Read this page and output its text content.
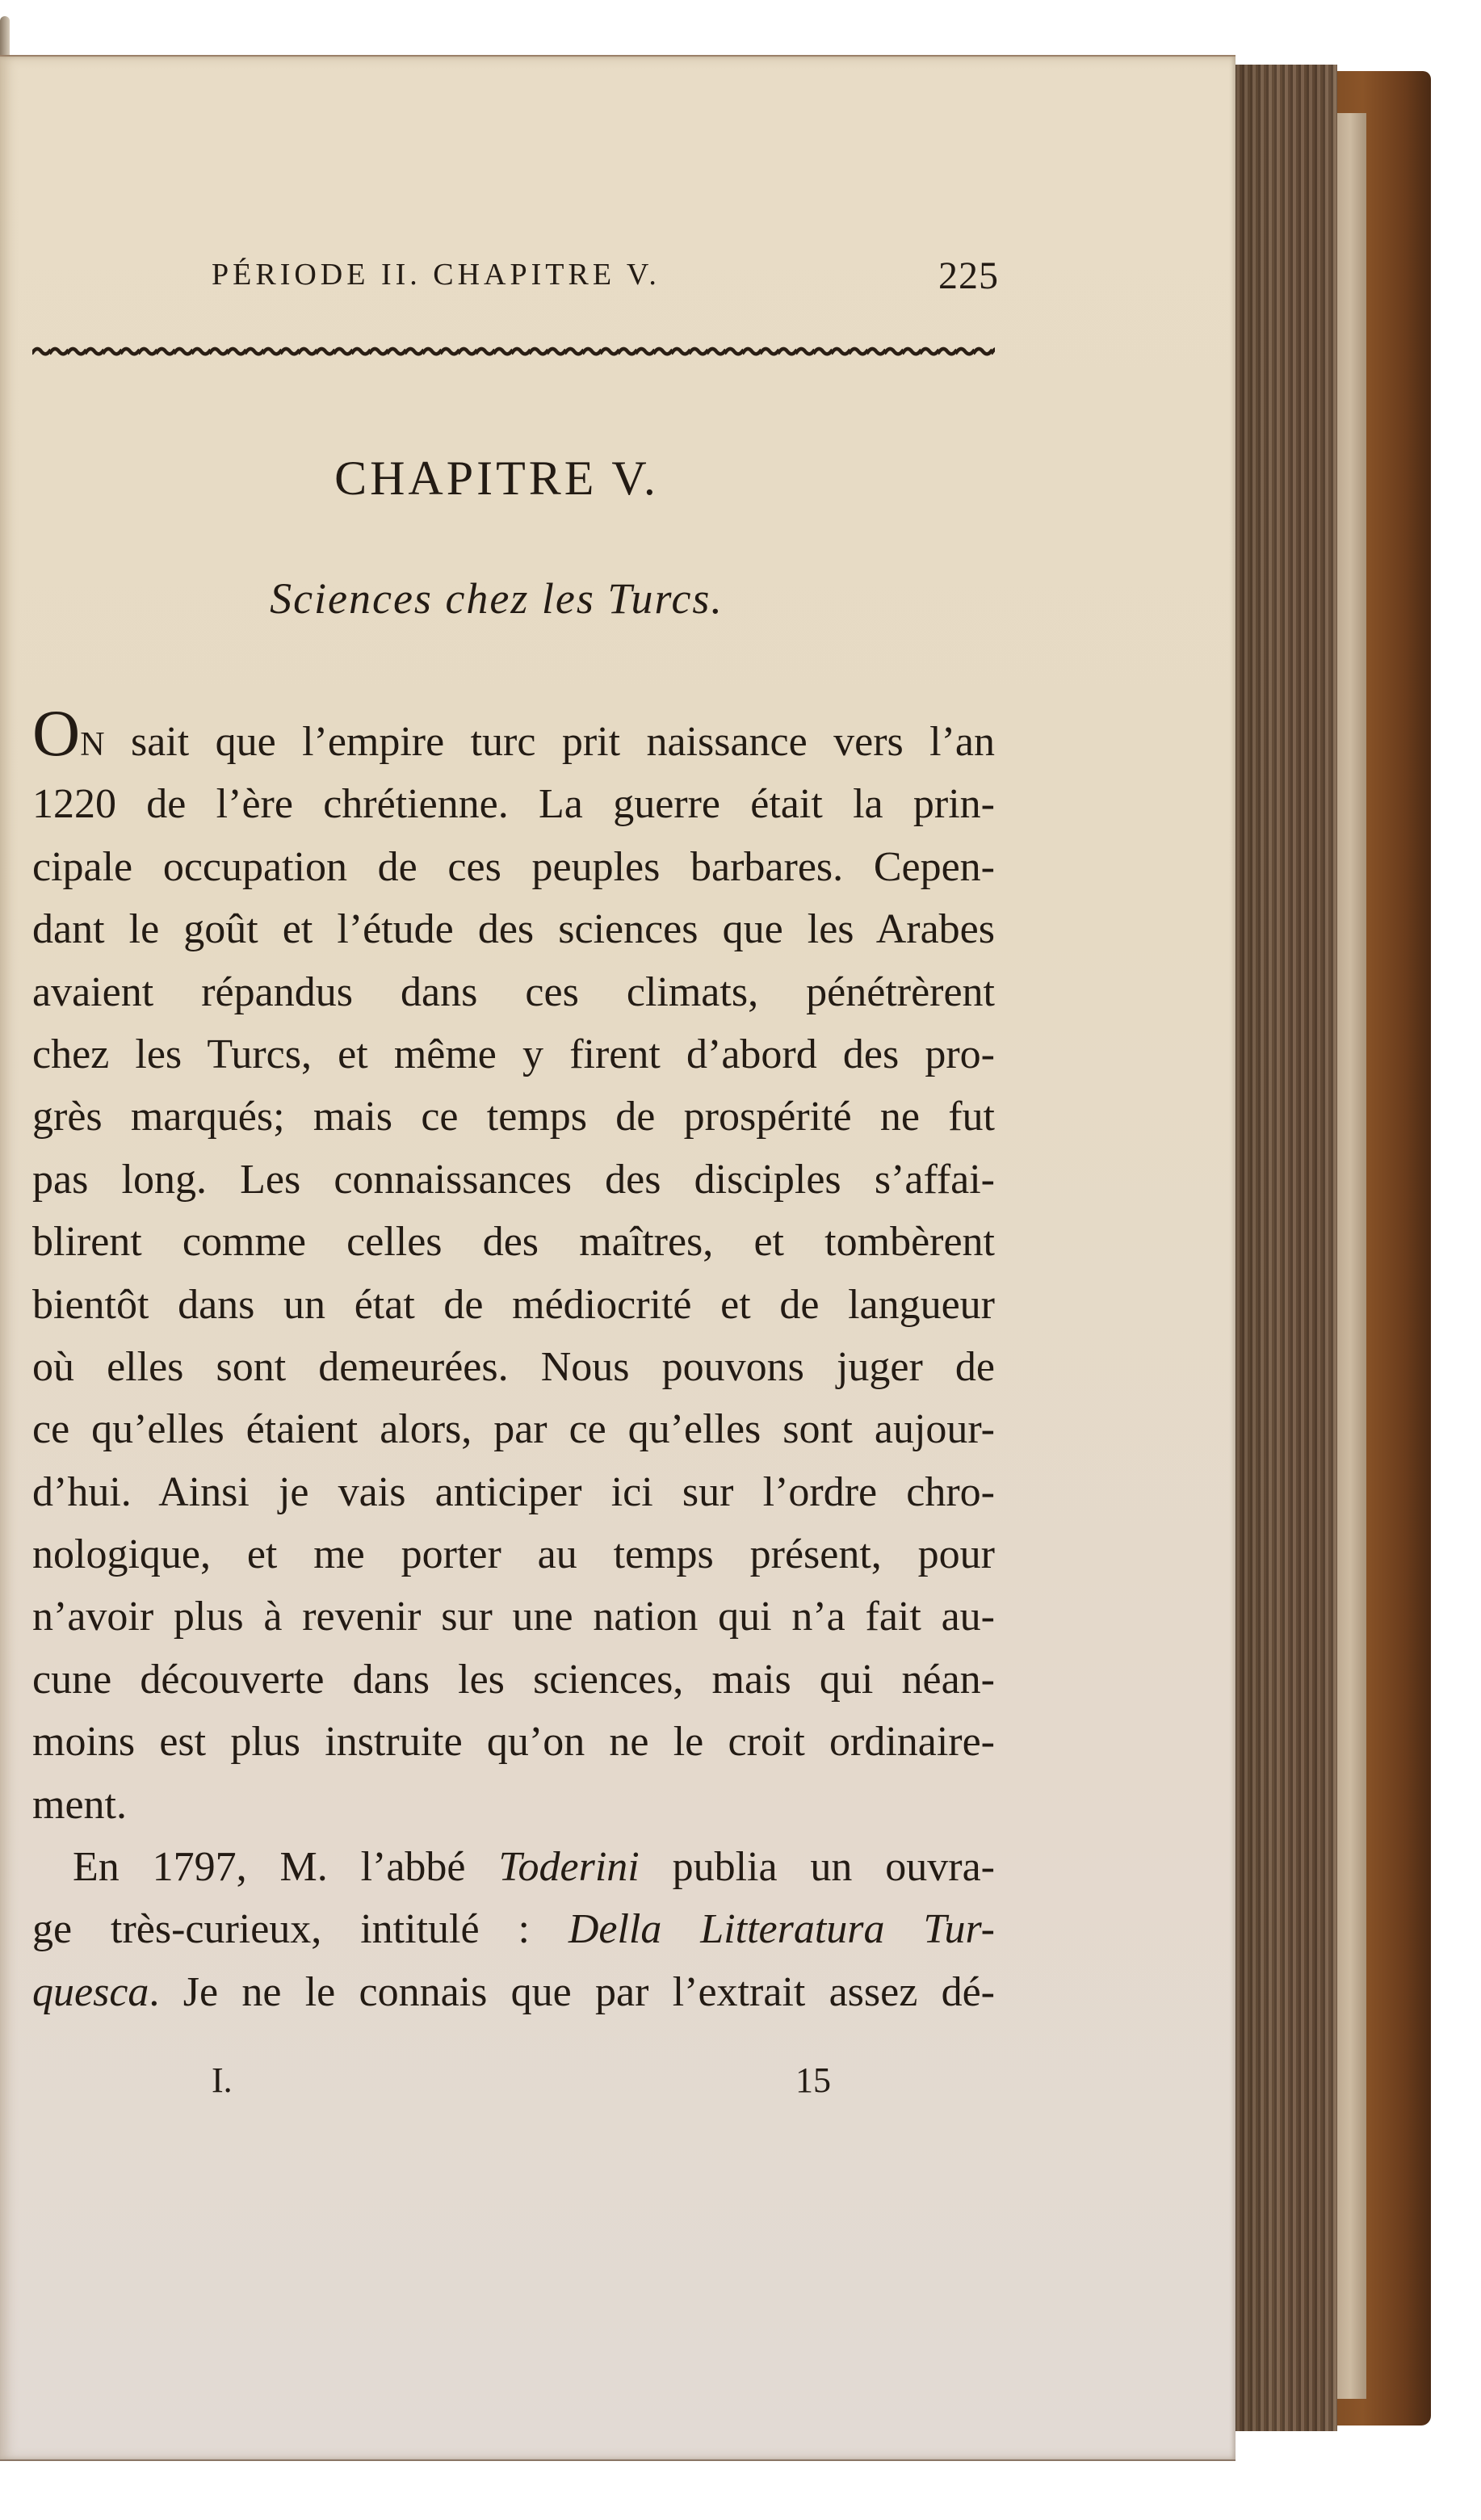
PÉRIODE II. CHAPITRE V.	225
CHAPITRE V.
Sciences chez les Turcs.
ON sait que l’empire turc prit naissance vers l’an
1220 de l’ère chrétienne. La guerre était la prin-
cipale occupation de ces peuples barbares. Cepen-
dant le goût et l’étude des sciences que les Arabes
avaient répandus dans ces climats, pénétrèrent
chez les Turcs, et même y firent d’abord des pro-
grès marqués; mais ce temps de prospérité ne fut
pas long. Les connaissances des disciples s’affai-
blirent comme celles des maîtres, et tombèrent
bientôt dans un état de médiocrité et de langueur
où elles sont demeurées. Nous pouvons juger de
ce qu’elles étaient alors, par ce qu’elles sont aujour-
d’hui. Ainsi je vais anticiper ici sur l’ordre chro-
nologique, et me porter au temps présent, pour
n’avoir plus à revenir sur une nation qui n’a fait au-
cune découverte dans les sciences, mais qui néan-
moins est plus instruite qu’on ne le croit ordinaire-
ment.
En 1797, M. l’abbé Toderini publia un ouvra-
ge très-curieux, intitulé : Della Litteratura Tur-
quesca. Je ne le connais que par l’extrait assez dé-
I.	15
